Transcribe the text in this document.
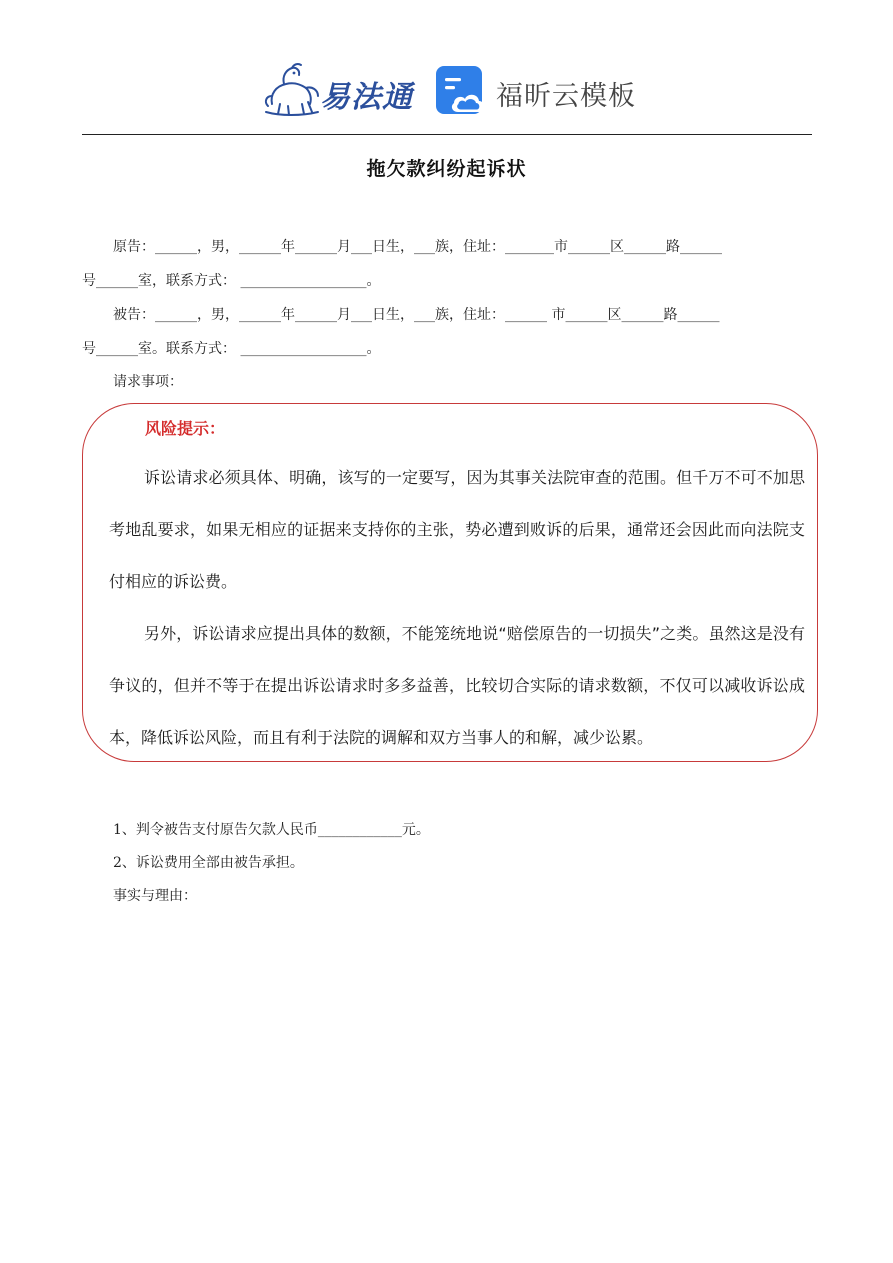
易法通	福昕云模板
拖欠款纠纷起诉状
原告：______，男，______年______月___日生，___族，住址：_______市______区______路______
号______室，联系方式： __________________。
被告：______，男，______年______月___日生，___族，住址：______ 市______区______路______
号______室。联系方式： __________________。
请求事项：
风险提示：
诉讼请求必须具体、明确，该写的一定要写，因为其事关法院审查的范围。但千万不可不加思考地乱要求，如果无相应的证据来支持你的主张，势必遭到败诉的后果，通常还会因此而向法院支付相应的诉讼费。
另外，诉讼请求应提出具体的数额，不能笼统地说“赔偿原告的一切损失”之类。虽然这是没有争议的，但并不等于在提出诉讼请求时多多益善，比较切合实际的请求数额，不仅可以减收诉讼成本，降低诉讼风险，而且有利于法院的调解和双方当事人的和解，减少讼累。
1、判令被告支付原告欠款人民币____________元。
2、诉讼费用全部由被告承担。
事实与理由：
